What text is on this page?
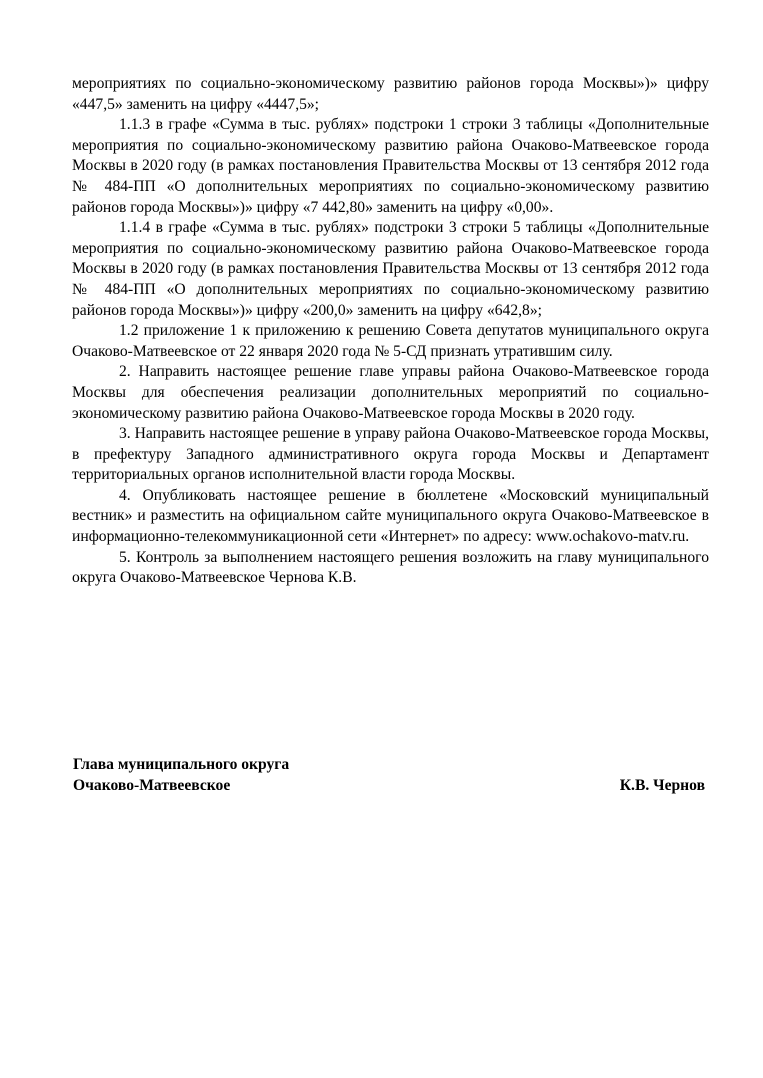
мероприятиях по социально-экономическому развитию районов города Москвы»)» цифру «447,5» заменить на цифру «4447,5»;

1.1.3 в графе «Сумма в тыс. рублях» подстроки 1 строки 3 таблицы «Дополнительные мероприятия по социально-экономическому развитию района Очаково-Матвеевское города Москвы в 2020 году (в рамках постановления Правительства Москвы от 13 сентября 2012 года № 484-ПП «О дополнительных мероприятиях по социально-экономическому развитию районов города Москвы»)» цифру «7 442,80» заменить на цифру «0,00».

1.1.4 в графе «Сумма в тыс. рублях» подстроки 3 строки 5 таблицы «Дополнительные мероприятия по социально-экономическому развитию района Очаково-Матвеевское города Москвы в 2020 году (в рамках постановления Правительства Москвы от 13 сентября 2012 года № 484-ПП «О дополнительных мероприятиях по социально-экономическому развитию районов города Москвы»)» цифру «200,0» заменить на цифру «642,8»;

1.2 приложение 1 к приложению к решению Совета депутатов муниципального округа Очаково-Матвеевское от 22 января 2020 года № 5-СД признать утратившим силу.

2. Направить настоящее решение главе управы района Очаково-Матвеевское города Москвы для обеспечения реализации дополнительных мероприятий по социально-экономическому развитию района Очаково-Матвеевское города Москвы в 2020 году.

3. Направить настоящее решение в управу района Очаково-Матвеевское города Москвы, в префектуру Западного административного округа города Москвы и Департамент территориальных органов исполнительной власти города Москвы.

4. Опубликовать настоящее решение в бюллетене «Московский муниципальный вестник» и разместить на официальном сайте муниципального округа Очаково-Матвеевское в информационно-телекоммуникационной сети «Интернет» по адресу: www.ochakovo-matv.ru.

5. Контроль за выполнением настоящего решения возложить на главу муниципального округа Очаково-Матвеевское Чернова К.В.

Глава муниципального округа
Очаково-Матвеевское	К.В. Чернов
